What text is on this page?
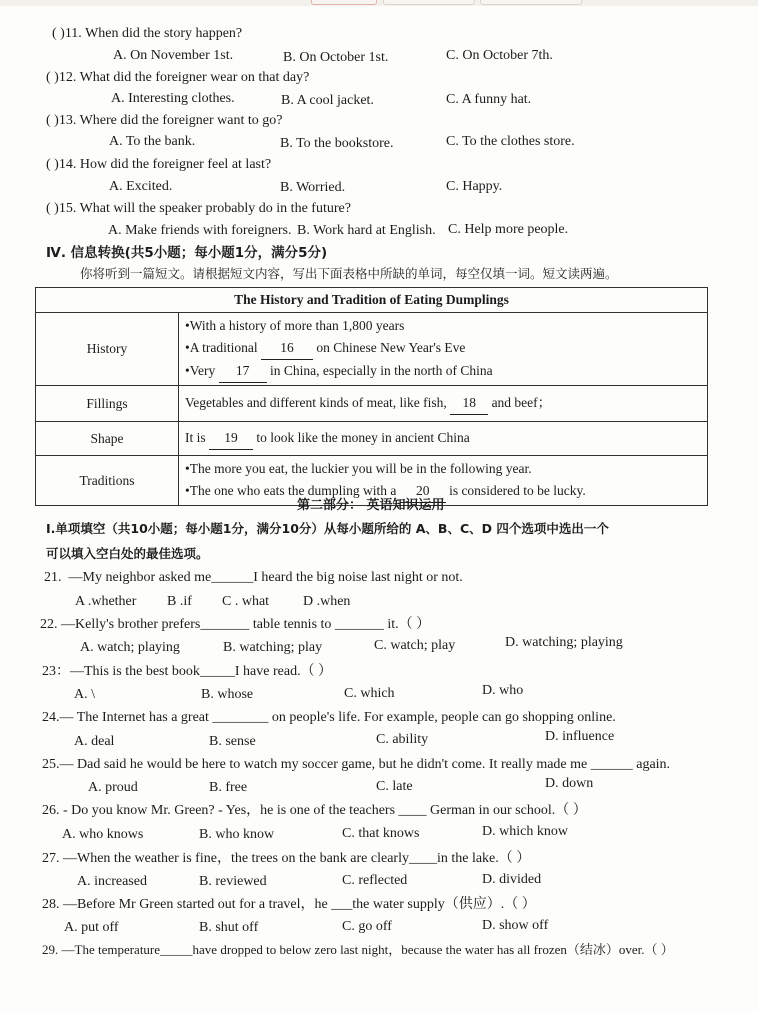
( )11. When did the story happen?
A. On November 1st.	B. On October 1st.	C. On October 7th.
( )12. What did the foreigner wear on that day?
A. Interesting clothes.	B. A cool jacket.	C. A funny hat.
( )13. Where did the foreigner want to go?
A. To the bank.	B. To the bookstore.	C. To the clothes store.
( )14. How did the foreigner feel at last?
A. Excited.	B. Worried.	C. Happy.
( )15. What will the speaker probably do in the future?
A. Make friends with foreigners. B. Work hard at English. C. Help more people.
Ⅳ. 信息转换(共5小题；每小题1分，满分5分)
你将听到一篇短文。请根据短文内容，写出下面表格中所缺的单词，每空仅填一词。短文读两遍。
The History and Tradition of Eating Dumplings	
History	•With a history of more than 1,800 years
•A traditional 16 on Chinese New Year's Eve
•Very 17 in China, especially in the north of China

Fillings	Vegetables and different kinds of meat, like fish, 18 and beef；

Shape	It is 19 to look like the money in ancient China

Traditions	•The more you eat, the luckier you will be in the following year.
•The one who eats the dumpling with a 20 is considered to be lucky.
第二部分： 英语知识运用
Ⅰ.单项填空（共10小题；每小题1分，满分10分）从每小题所给的 A、B、C、D 四个选项中选出一个
可以填入空白处的最佳选项。
21. —My neighbor asked me______I heard the big noise last night or not.
A .whether B .if C . what D .when
22. —Kelly's brother prefers_______ table tennis to _______ it.（ ）
A. watch; playing	B. watching; play	C. watch; play	D. watching; playing
23：—This is the best book_____I have read.（ ）
A. \	B. whose	C. which	D. who
24.— The Internet has a great ________ on people's life. For example, people can go shopping online.
A. deal	B. sense	C. ability	D. influence
25.— Dad said he would be here to watch my soccer game, but he didn't come. It really made me ______ again.
A. proud	B. free	C. late	D. down
26. - Do you know Mr. Green? - Yes，he is one of the teachers ____ German in our school.（ ）
A. who knows	B. who know	C. that knows	D. which know
27. —When the weather is fine，the trees on the bank are clearly____in the lake.（ ）
A. increased	B. reviewed	C. reflected	D. divided
28. —Before Mr Green started out for a travel，he ___the water supply（供应）.（ ）
A. put off	B. shut off	C. go off	D. show off
29. —The temperature_____have dropped to below zero last night，because the water has all frozen（结冰）over.（ ）
